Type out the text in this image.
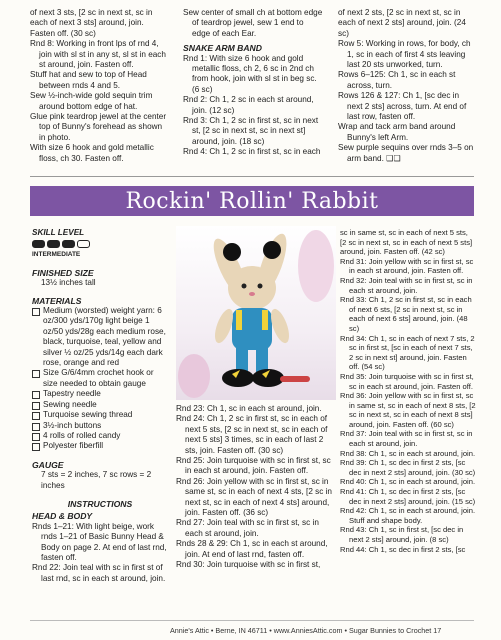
of next 3 sts, [2 sc in next st, sc in each of next 3 sts] around, join. Fasten off. (30 sc)

Rnd 8: Working in front lps of rnd 4, join with sl st in any st, sl st in each st around, join. Fasten off.

Stuff hat and sew to top of Head between rnds 4 and 5.

Sew ½-inch-wide gold sequin trim around bottom edge of hat.

Glue pink teardrop jewel at the center top of Bunny's forehead as shown in photo.

With size 6 hook and gold metallic floss, ch 30. Fasten off.

Sew center of small ch at bottom edge of teardrop jewel, sew 1 end to edge of each Ear.

SNAKE ARM BAND

Rnd 1: With size 6 hook and gold metallic floss, ch 2, 6 sc in 2nd ch from hook, join with sl st in beg sc. (6 sc)

Rnd 2: Ch 1, 2 sc in each st around, join. (12 sc)

Rnd 3: Ch 1, 2 sc in first st, sc in next st, [2 sc in next st, sc in next st] around, join. (18 sc)

Rnd 4: Ch 1, 2 sc in first st, sc in each

of next 2 sts, [2 sc in next st, sc in each of next 2 sts] around, join. (24 sc)

Row 5: Working in rows, for body, ch 1, sc in each of first 4 sts leaving last 20 sts unworked, turn.

Rows 6–125: Ch 1, sc in each st across, turn.

Rows 126 & 127: Ch 1, [sc dec in next 2 sts] across, turn. At end of last row, fasten off.

Wrap and tack arm band around Bunny's left Arm.

Sew purple sequins over rnds 3–5 on arm band. ❑❑

Rockin' Rollin' Rabbit

SKILL LEVEL

INTERMEDIATE

FINISHED SIZE

13½ inches tall

MATERIALS

Medium (worsted) weight yarn: 6 oz/300 yds/170g light beige 1 oz/50 yds/28g each medium rose, black, turquoise, teal, yellow and silver ½ oz/25 yds/14g each dark rose, orange and red
Size G/6/4mm crochet hook or size needed to obtain gauge
Tapestry needle
Sewing needle
Turquoise sewing thread
3½-inch buttons
4 rolls of rolled candy
Polyester fiberfill

GAUGE

7 sts = 2 inches, 7 sc rows = 2 inches

INSTRUCTIONS

HEAD & BODY

Rnds 1–21: With light beige, work rnds 1–21 of Basic Bunny Head & Body on page 2. At end of last rnd, fasten off.

Rnd 22: Join teal with sc in first st of last rnd, sc in each st around, join.

Rnd 23: Ch 1, sc in each st around, join.

Rnd 24: Ch 1, 2 sc in first st, sc in each of next 5 sts, [2 sc in next st, sc in each of next 5 sts] 3 times, sc in each of last 2 sts, join. Fasten off. (30 sc)

Rnd 25: Join turquoise with sc in first st, sc in each st around, join. Fasten off.

Rnd 26: Join yellow with sc in first st, sc in same st, sc in each of next 4 sts, [2 sc in next st, sc in each of next 4 sts] around, join. Fasten off. (36 sc)

Rnd 27: Join teal with sc in first st, sc in each st around, join.

Rnds 28 & 29: Ch 1, sc in each st around, join. At end of last rnd, fasten off.

Rnd 30: Join turquoise with sc in first st,

sc in same st, sc in each of next 5 sts, [2 sc in next st, sc in each of next 5 sts] around, join. Fasten off. (42 sc)

Rnd 31: Join yellow with sc in first st, sc in each st around, join. Fasten off.

Rnd 32: Join teal with sc in first st, sc in each st around, join.

Rnd 33: Ch 1, 2 sc in first st, sc in each of next 6 sts, [2 sc in next st, sc in each of next 6 sts] around, join. (48 sc)

Rnd 34: Ch 1, sc in each of next 7 sts, 2 sc in first st, [sc in each of next 7 sts, 2 sc in next st] around, join. Fasten off. (54 sc)

Rnd 35: Join turquoise with sc in first st, sc in each st around, join. Fasten off.

Rnd 36: Join yellow with sc in first st, sc in same st, sc in each of next 8 sts, [2 sc in next st, sc in each of next 8 sts] around, join. Fasten off. (60 sc)

Rnd 37: Join teal with sc in first st, sc in each st around, join.

Rnd 38: Ch 1, sc in each st around, join.

Rnd 39: Ch 1, sc dec in first 2 sts, [sc dec in next 2 sts] around, join. (30 sc)

Rnd 40: Ch 1, sc in each st around, join.

Rnd 41: Ch 1, sc dec in first 2 sts, [sc dec in next 2 sts] around, join. (15 sc)

Rnd 42: Ch 1, sc in each st around, join. Stuff and shape body.

Rnd 43: Ch 1, sc in first st, [sc dec in next 2 sts] around, join. (8 sc)

Rnd 44: Ch 1, sc dec in first 2 sts, [sc

Annie's Attic • Berne, IN 46711 • www.AnniesAttic.com • Sugar Bunnies to Crochet 17
